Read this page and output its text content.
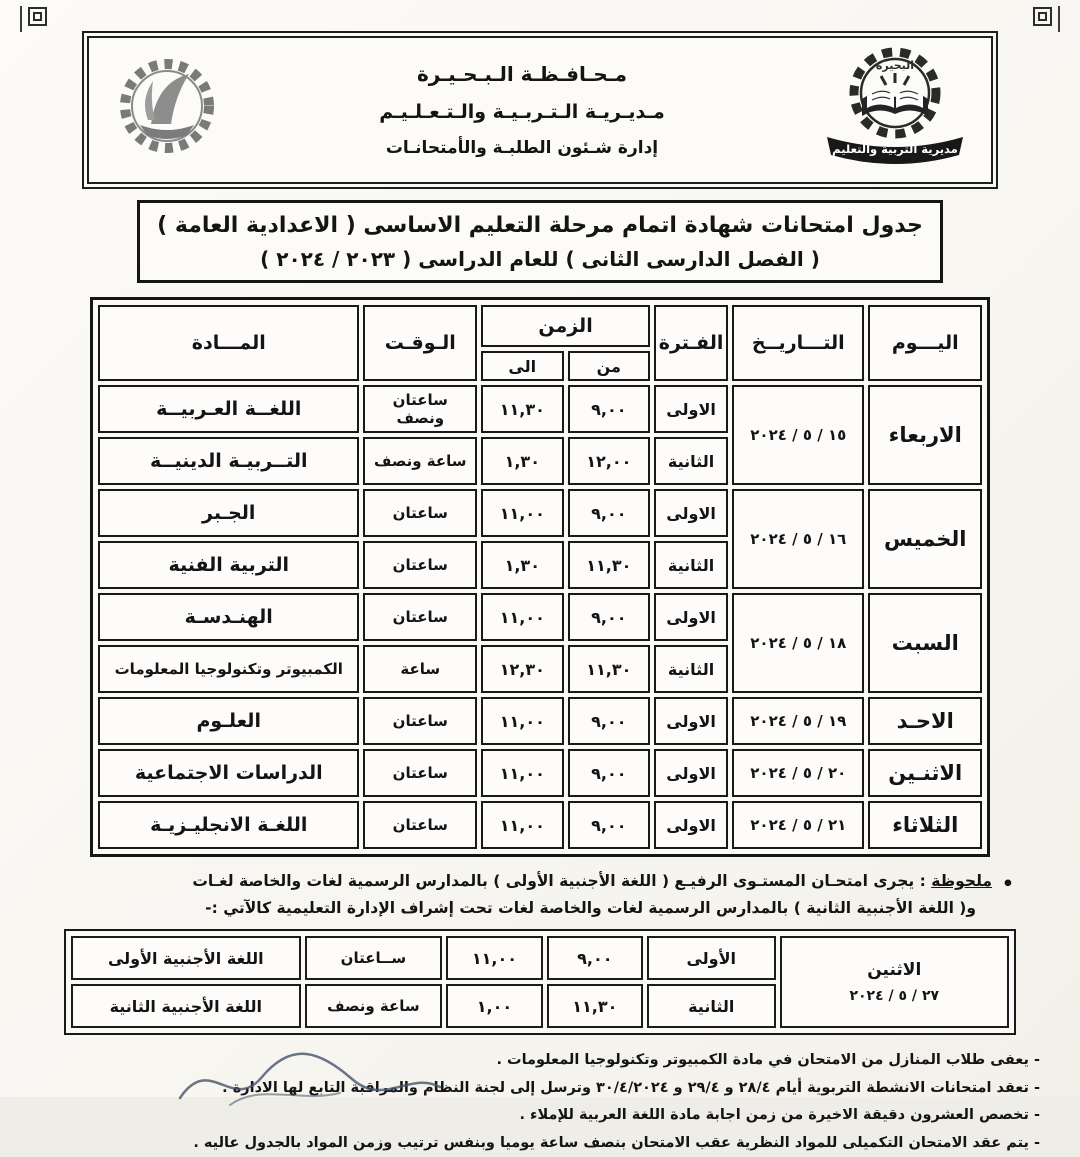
مـحـافـظـة الـبـحـيـرة
مـديـريـة الـتـربـيـة والـتـعـلـيـم
إدارة شـئون الطلبـة والأمتحانـات
البحيرة
مديرية التربية والتعليم
جدول امتحانات شهادة اتمام مرحلة التعليم الاساسى ( الاعدادية العامة )
( الفصل الدارسى الثانى ) للعام الدراسى ( ٢٠٢٣ / ٢٠٢٤ )
اليـــوم	التـــاريــخ	الفـترة	الزمن		الـوقـت	المـــادة
			من	الى		
الاربعاء	١٥ / ٥ / ٢٠٢٤	الاولى	٩,٠٠	١١,٣٠	ساعتان ونصف	اللغــة العـربيــة
		الثانية	١٢,٠٠	١,٣٠	ساعة ونصف	التــربيـة الدينيــة
الخميس	١٦ / ٥ / ٢٠٢٤	الاولى	٩,٠٠	١١,٠٠	ساعتان	الجـبر
		الثانية	١١,٣٠	١,٣٠	ساعتان	التربية الفنية
السبت	١٨ / ٥ / ٢٠٢٤	الاولى	٩,٠٠	١١,٠٠	ساعتان	الهنـدسـة
		الثانية	١١,٣٠	١٢,٣٠	ساعة	الكمبيوتر وتكنولوجيا المعلومات
الاحـد	١٩ / ٥ / ٢٠٢٤	الاولى	٩,٠٠	١١,٠٠	ساعتان	العلـوم
الاثنـين	٢٠ / ٥ / ٢٠٢٤	الاولى	٩,٠٠	١١,٠٠	ساعتان	الدراسات الاجتماعية
الثلاثاء	٢١ / ٥ / ٢٠٢٤	الاولى	٩,٠٠	١١,٠٠	ساعتان	اللغـة الانجليـزيـة
•
ملحوظة : يجرى امتحـان المستـوى الرفيـع ( اللغة الأجنبية الأولى ) بالمدارس الرسمية لغات والخاصة لغـات
و( اللغة الأجنبية الثانية ) بالمدارس الرسمية لغات والخاصة لغات تحت إشراف الإدارة التعليمية كالآتي :-
الاثنين
٢٧ / ٥ / ٢٠٢٤	الأولى	٩,٠٠	١١,٠٠	ســاعتان	اللغة الأجنبية الأولى
	الثانية	١١,٣٠	١,٠٠	ساعة ونصف	اللغة الأجنبية الثانية
- يعفى طلاب المنازل من الامتحان في مادة الكمبيوتر وتكنولوجيا المعلومات .
- تعقد امتحانات الانشطة التربوية أيام ٢٨/٤ و ٢٩/٤ و ٣٠/٤/٢٠٢٤ وترسل إلى لجنة النظام والمراقبة التابع لها الادارة .
- تخصص العشرون دقيقة الاخيرة من زمن اجابة مادة اللغة العربية للإملاء .
- يتم عقد الامتحان التكميلى للمواد النظرية عقب الامتحان بنصف ساعة يوميا وبنفس ترتيب وزمن المواد بالجدول عاليه .
